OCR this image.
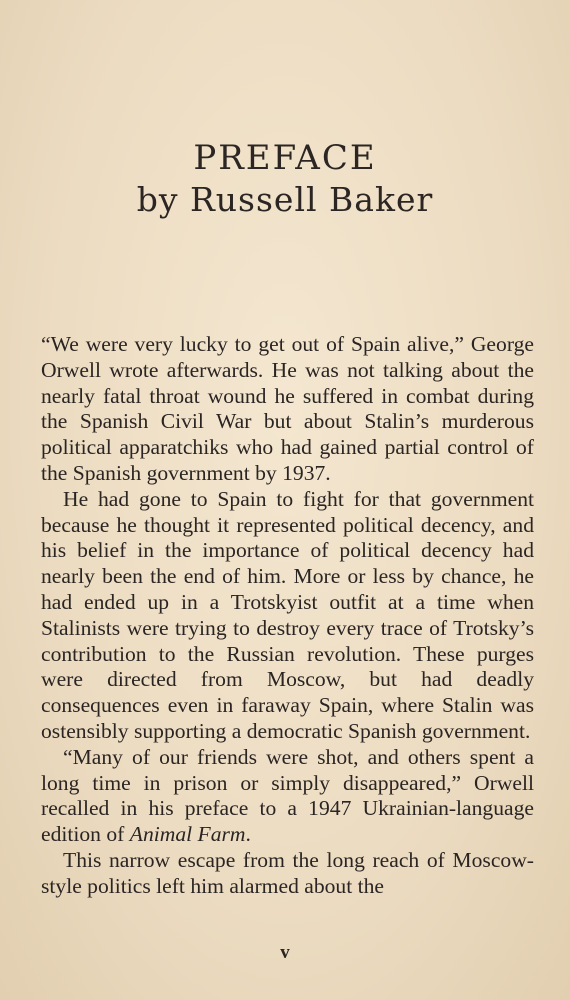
PREFACE
by Russell Baker

“We were very lucky to get out of Spain alive,” George Orwell wrote afterwards. He was not talking about the nearly fatal throat wound he suffered in combat during the Spanish Civil War but about Stalin’s murderous political apparatchiks who had gained partial control of the Spanish government by 1937.

He had gone to Spain to fight for that government because he thought it represented political decency, and his belief in the importance of political decency had nearly been the end of him. More or less by chance, he had ended up in a Trotskyist outfit at a time when Stalinists were trying to destroy every trace of Trotsky’s contribution to the Russian revolution. These purges were directed from Moscow, but had deadly consequences even in faraway Spain, where Stalin was ostensibly supporting a democratic Spanish government.

“Many of our friends were shot, and others spent a long time in prison or simply disappeared,” Orwell recalled in his preface to a 1947 Ukrainian-language edition of Animal Farm.

This narrow escape from the long reach of Moscow-style politics left him alarmed about the

v
